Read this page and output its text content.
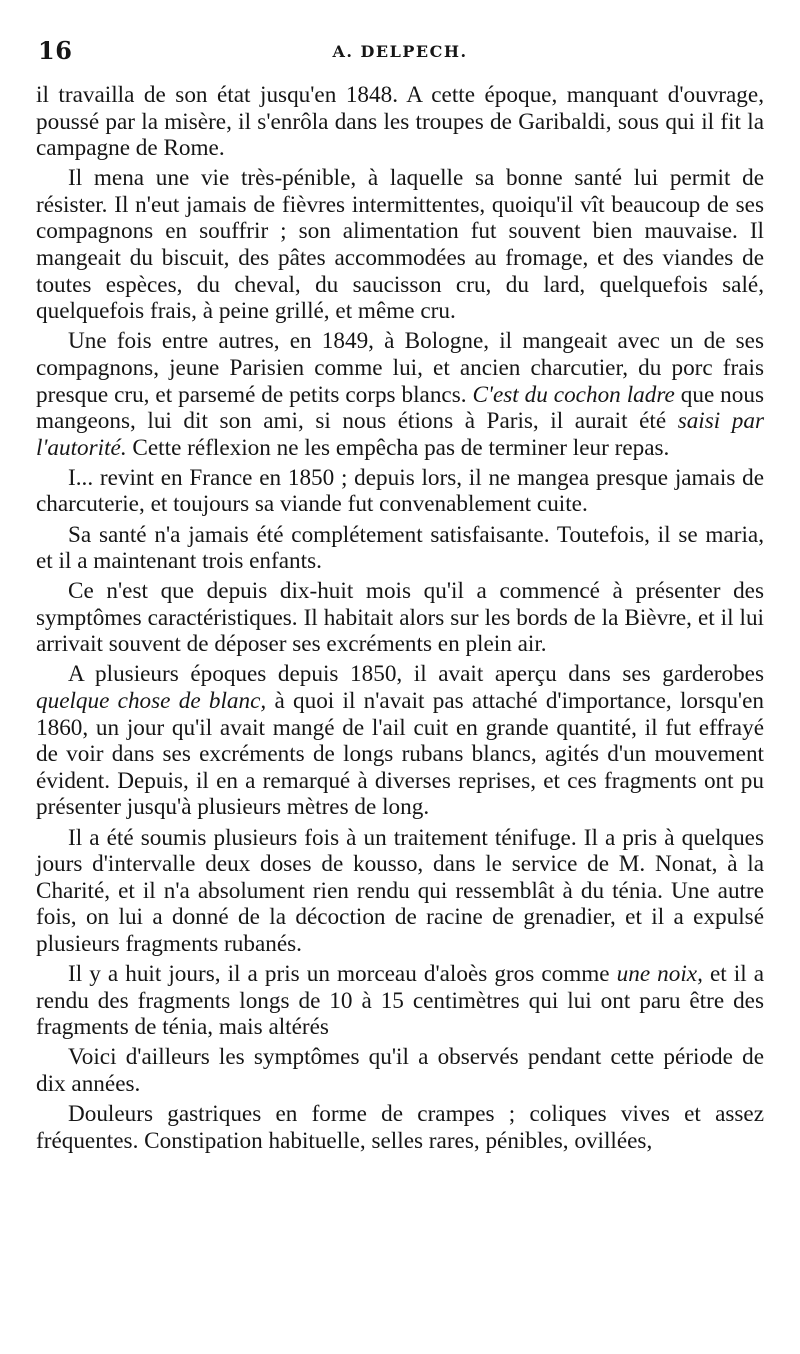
16	A. DELPECH.

il travailla de son état jusqu'en 1848. A cette époque, manquant d'ouvrage, poussé par la misère, il s'enrôla dans les troupes de Garibaldi, sous qui il fit la campagne de Rome.

Il mena une vie très-pénible, à laquelle sa bonne santé lui permit de résister. Il n'eut jamais de fièvres intermittentes, quoiqu'il vît beaucoup de ses compagnons en souffrir ; son alimentation fut souvent bien mauvaise. Il mangeait du biscuit, des pâtes accommodées au fromage, et des viandes de toutes espèces, du cheval, du saucisson cru, du lard, quelquefois salé, quelquefois frais, à peine grillé, et même cru.

Une fois entre autres, en 1849, à Bologne, il mangeait avec un de ses compagnons, jeune Parisien comme lui, et ancien charcutier, du porc frais presque cru, et parsemé de petits corps blancs. C'est du cochon ladre que nous mangeons, lui dit son ami, si nous étions à Paris, il aurait été saisi par l'autorité. Cette réflexion ne les empêcha pas de terminer leur repas.

I... revint en France en 1850 ; depuis lors, il ne mangea presque jamais de charcuterie, et toujours sa viande fut convenablement cuite.

Sa santé n'a jamais été complétement satisfaisante. Toutefois, il se maria, et il a maintenant trois enfants.

Ce n'est que depuis dix-huit mois qu'il a commencé à présenter des symptômes caractéristiques. Il habitait alors sur les bords de la Bièvre, et il lui arrivait souvent de déposer ses excréments en plein air.

A plusieurs époques depuis 1850, il avait aperçu dans ses garderobes quelque chose de blanc, à quoi il n'avait pas attaché d'importance, lorsqu'en 1860, un jour qu'il avait mangé de l'ail cuit en grande quantité, il fut effrayé de voir dans ses excréments de longs rubans blancs, agités d'un mouvement évident. Depuis, il en a remarqué à diverses reprises, et ces fragments ont pu présenter jusqu'à plusieurs mètres de long.

Il a été soumis plusieurs fois à un traitement ténifuge. Il a pris à quelques jours d'intervalle deux doses de kousso, dans le service de M. Nonat, à la Charité, et il n'a absolument rien rendu qui ressemblât à du ténia. Une autre fois, on lui a donné de la décoction de racine de grenadier, et il a expulsé plusieurs fragments rubanés.

Il y a huit jours, il a pris un morceau d'aloès gros comme une noix, et il a rendu des fragments longs de 10 à 15 centimètres qui lui ont paru être des fragments de ténia, mais altérés

Voici d'ailleurs les symptômes qu'il a observés pendant cette période de dix années.

Douleurs gastriques en forme de crampes ; coliques vives et assez fréquentes. Constipation habituelle, selles rares, pénibles, ovillées,
